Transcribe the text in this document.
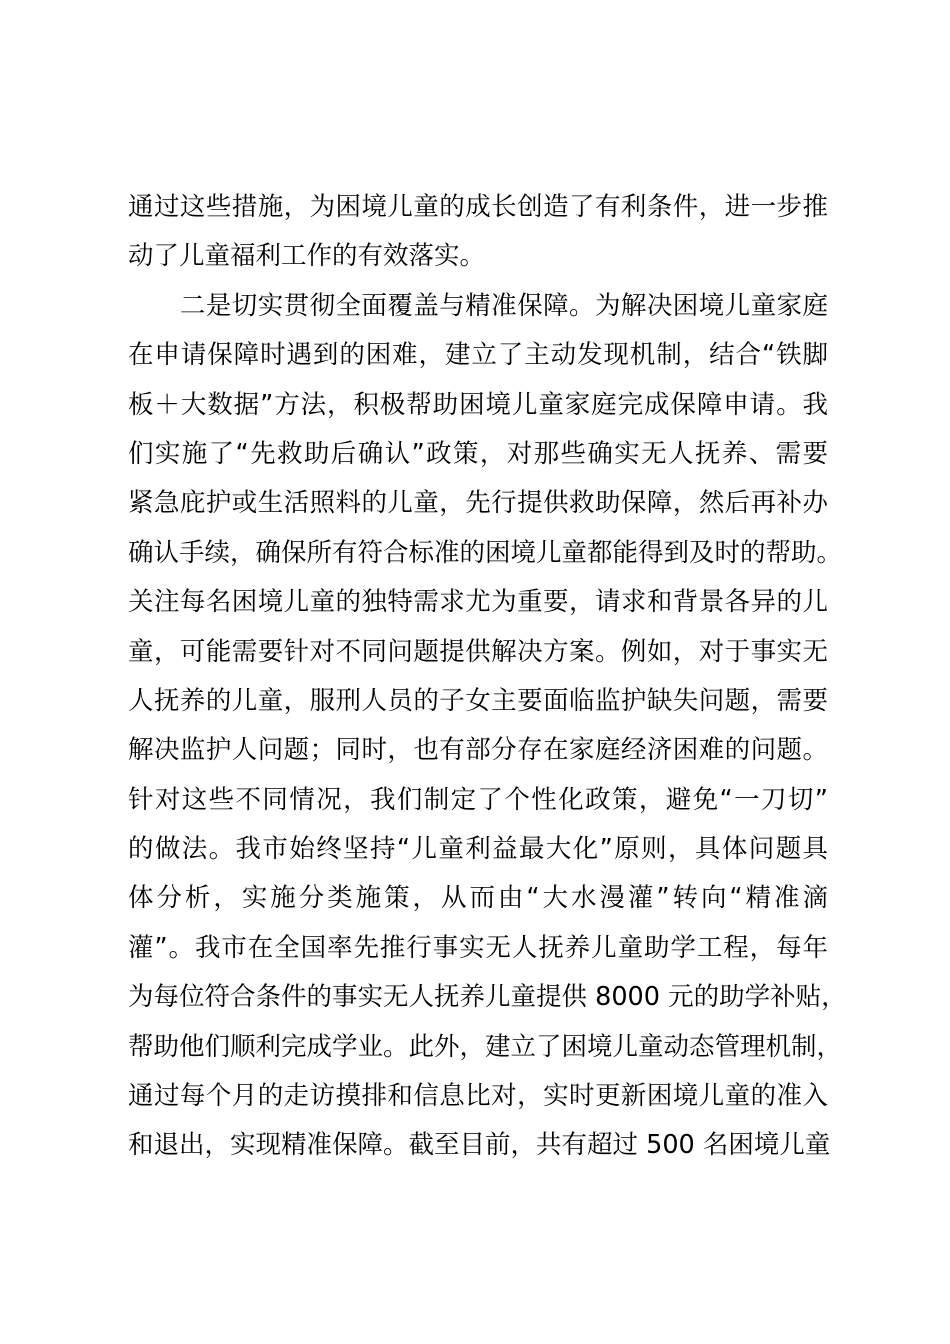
通过这些措施，为困境儿童的成长创造了有利条件，进一步推
动了儿童福利工作的有效落实。
　　二是切实贯彻全面覆盖与精准保障。为解决困境儿童家庭
在申请保障时遇到的困难，建立了主动发现机制，结合“铁脚
板＋大数据”方法，积极帮助困境儿童家庭完成保障申请。我
们实施了“先救助后确认”政策，对那些确实无人抚养、需要
紧急庇护或生活照料的儿童，先行提供救助保障，然后再补办
确认手续，确保所有符合标准的困境儿童都能得到及时的帮助。
关注每名困境儿童的独特需求尤为重要，请求和背景各异的儿
童，可能需要针对不同问题提供解决方案。例如，对于事实无
人抚养的儿童，服刑人员的子女主要面临监护缺失问题，需要
解决监护人问题；同时，也有部分存在家庭经济困难的问题。
针对这些不同情况，我们制定了个性化政策，避免“一刀切”
的做法。我市始终坚持“儿童利益最大化”原则，具体问题具
体分析，实施分类施策，从而由“大水漫灌”转向“精准滴
灌”。我市在全国率先推行事实无人抚养儿童助学工程，每年
为每位符合条件的事实无人抚养儿童提供 8000 元的助学补贴，
帮助他们顺利完成学业。此外，建立了困境儿童动态管理机制，
通过每个月的走访摸排和信息比对，实时更新困境儿童的准入
和退出，实现精准保障。截至目前，共有超过 500 名困境儿童
